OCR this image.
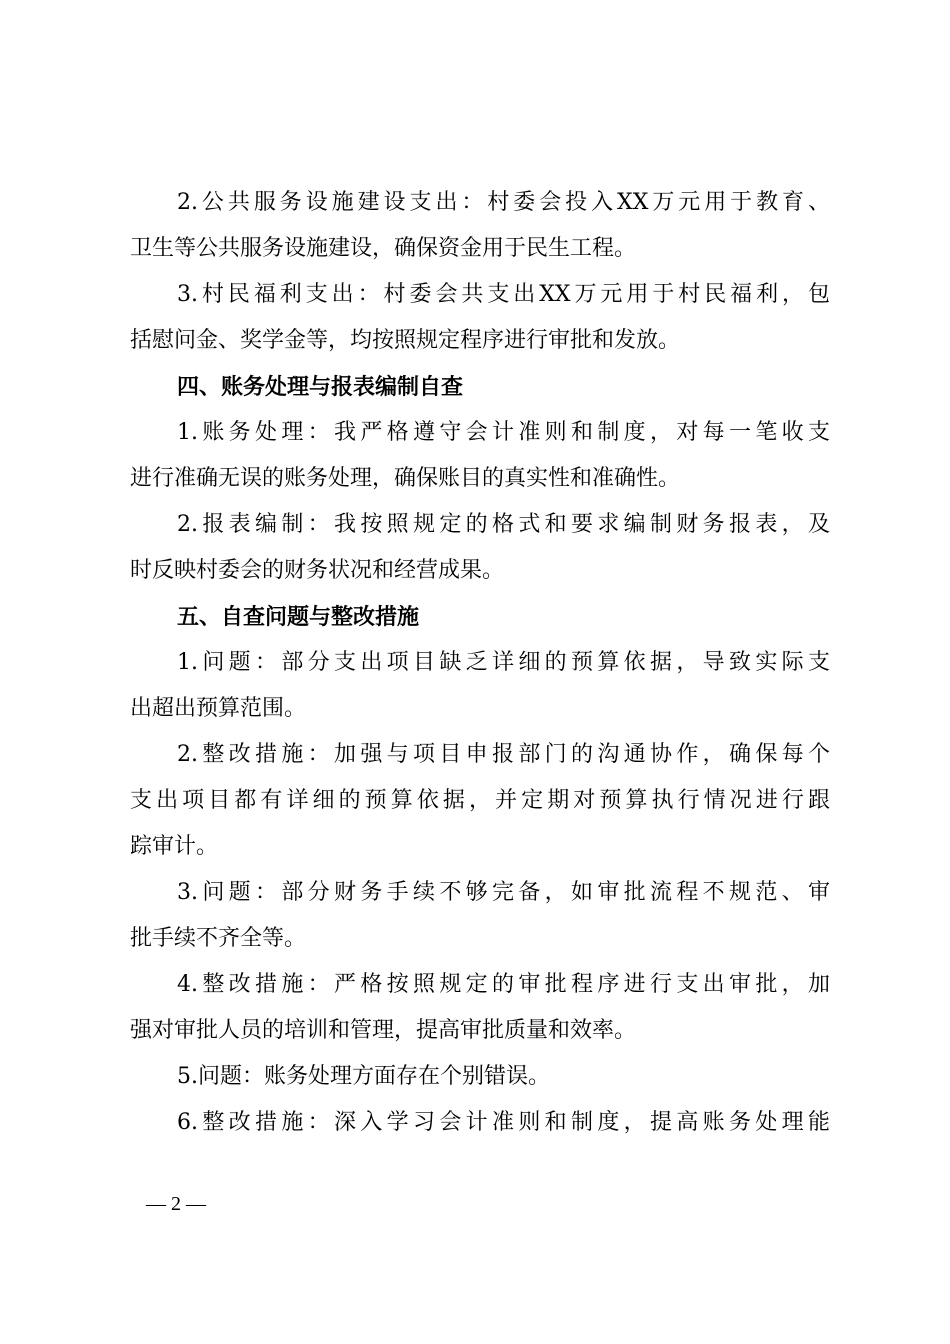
2.公共服务设施建设支出：村委会投入XX万元用于教育、
卫生等公共服务设施建设，确保资金用于民生工程。
3.村民福利支出：村委会共支出XX万元用于村民福利，包
括慰问金、奖学金等，均按照规定程序进行审批和发放。
四、账务处理与报表编制自查
1.账务处理：我严格遵守会计准则和制度，对每一笔收支
进行准确无误的账务处理，确保账目的真实性和准确性。
2.报表编制：我按照规定的格式和要求编制财务报表，及
时反映村委会的财务状况和经营成果。
五、自查问题与整改措施
1.问题：部分支出项目缺乏详细的预算依据，导致实际支
出超出预算范围。
2.整改措施：加强与项目申报部门的沟通协作，确保每个
支出项目都有详细的预算依据，并定期对预算执行情况进行跟
踪审计。
3.问题：部分财务手续不够完备，如审批流程不规范、审
批手续不齐全等。
4.整改措施：严格按照规定的审批程序进行支出审批，加
强对审批人员的培训和管理，提高审批质量和效率。
5.问题：账务处理方面存在个别错误。
6.整改措施：深入学习会计准则和制度，提高账务处理能
— 2 —
